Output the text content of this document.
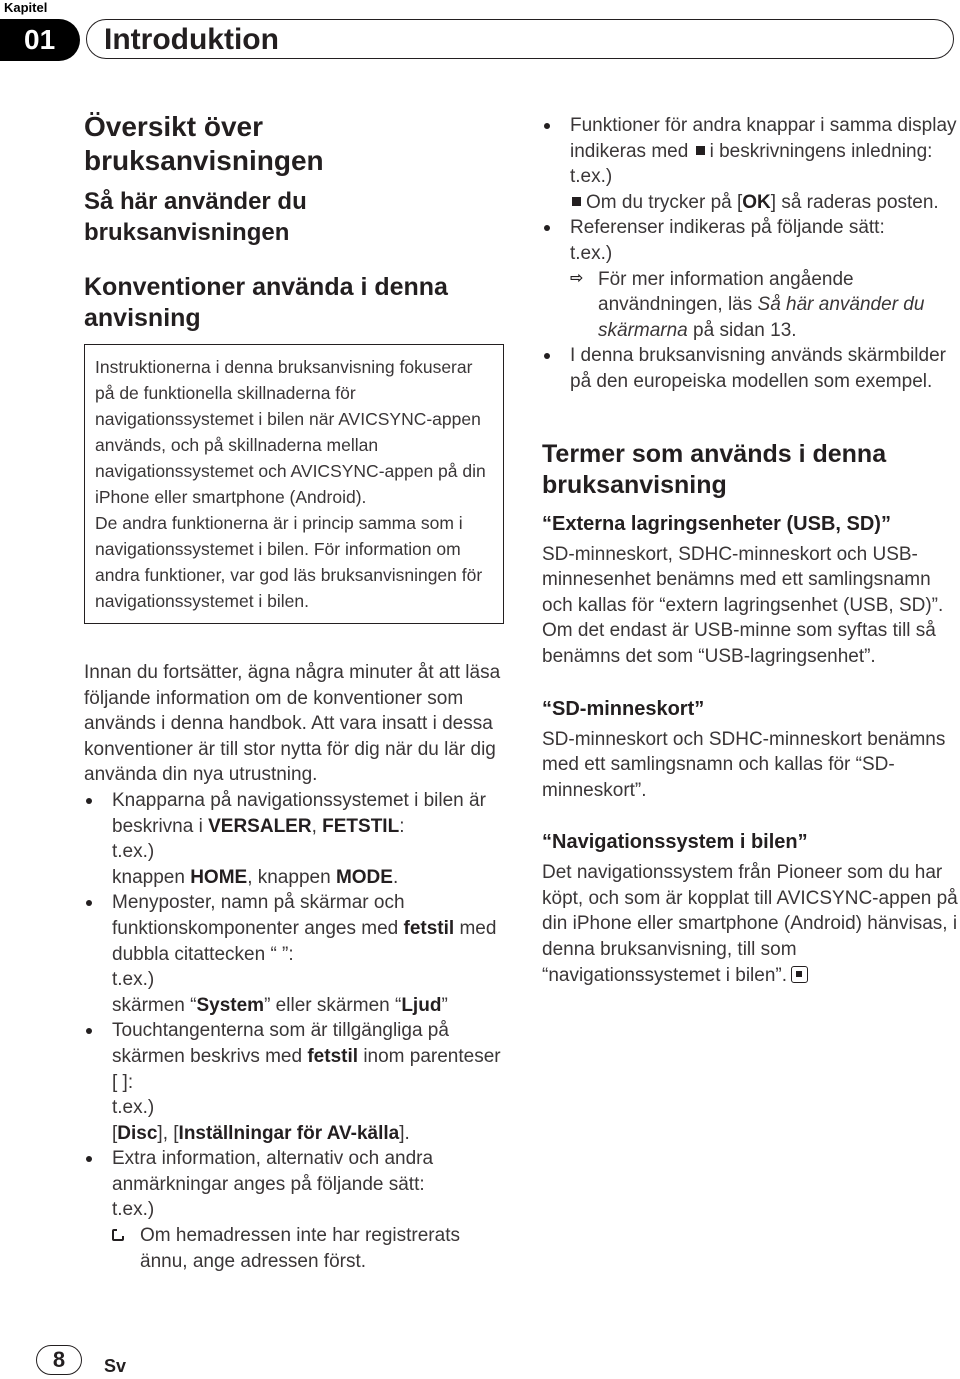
Kapitel
01	Introduktion
Översikt över bruksanvisningen
Så här använder du bruksanvisningen
Konventioner använda i denna anvisning

Instruktionerna i denna bruksanvisning fokuserar på de funktionella skillnaderna för navigationssystemet i bilen när AVICSYNC-appen används, och på skillnaderna mellan navigationssystemet och AVICSYNC-appen på din iPhone eller smartphone (Android).

De andra funktionerna är i princip samma som i navigationssystemet i bilen. För information om andra funktioner, var god läs bruksanvisningen för navigationssystemet i bilen.

Innan du fortsätter, ägna några minuter åt att läsa följande information om de konventioner som används i denna handbok. Att vara insatt i dessa konventioner är till stor nytta för dig när du lär dig använda din nya utrustning.

Knapparna på navigationssystemet i bilen är beskrivna i VERSALER, FETSTIL:
t.ex.)
knappen HOME, knappen MODE.
Menyposter, namn på skärmar och funktionskomponenter anges med fetstil med dubbla citattecken “ ”:
t.ex.)
skärmen “System” eller skärmen “Ljud”
Touchtangenterna som är tillgängliga på skärmen beskrivs med fetstil inom parenteser [ ]:
t.ex.)
[Disc], [Inställningar för AV-källa].
Extra information, alternativ och andra anmärkningar anges på följande sätt:
t.ex.)
Om hemadressen inte har registrerats ännu, ange adressen först.
Funktioner för andra knappar i samma display indikeras med i beskrivningens inledning:
t.ex.)
Om du trycker på [OK] så raderas posten.
Referenser indikeras på följande sätt:
t.ex.)
⇨ För mer information angående användningen, läs Så här använder du skärmarna på sidan 13.
I denna bruksanvisning används skärmbilder på den europeiska modellen som exempel.
Termer som används i denna bruksanvisning
“Externa lagringsenheter (USB, SD)”

SD-minneskort, SDHC-minneskort och USB-minnesenhet benämns med ett samlingsnamn och kallas för “extern lagringsenhet (USB, SD)”. Om det endast är USB-minne som syftas till så benämns det som “USB-lagringsenhet”.

“SD-minneskort”

SD-minneskort och SDHC-minneskort benämns med ett samlingsnamn och kallas för “SD-minneskort”.

“Navigationssystem i bilen”

Det navigationssystem från Pioneer som du har köpt, och som är kopplat till AVICSYNC-appen på din iPhone eller smartphone (Android) hänvisas, i denna bruksanvisning, till som “navigationssystemet i bilen”.

8	Sv
